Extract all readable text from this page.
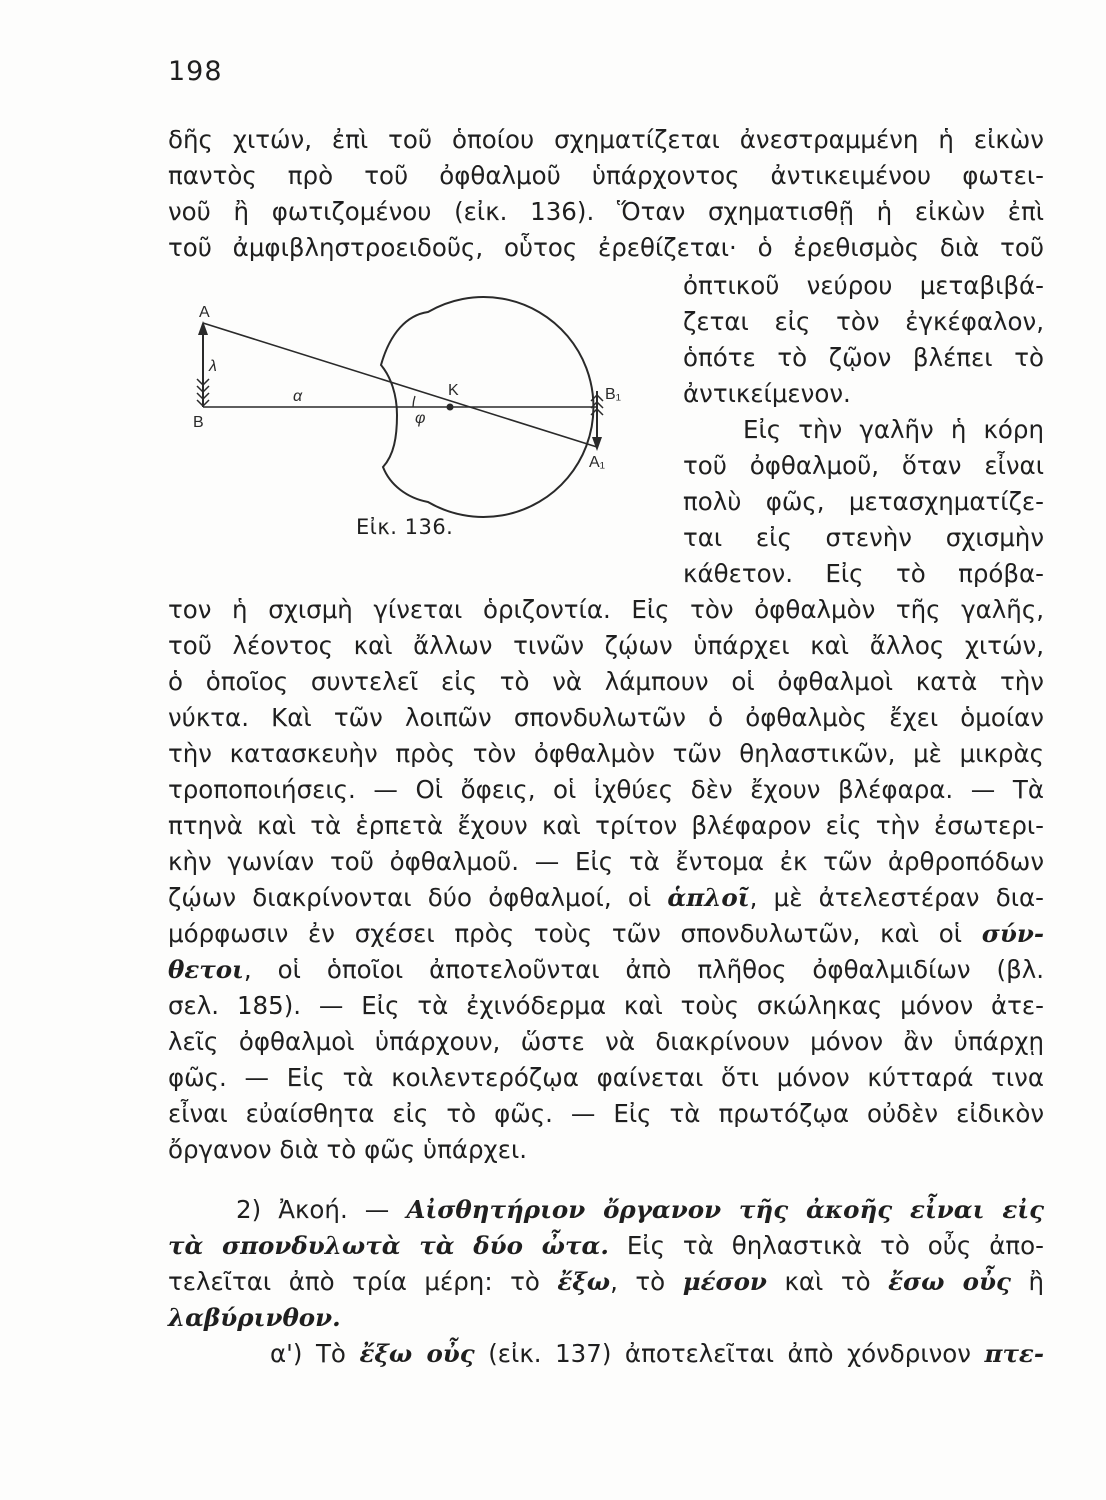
198
δῆς χιτών, ἐπὶ τοῦ ὁποίου σχηματίζεται ἀνεστραμμένη ἡ εἰκὼν
παντὸς πρὸ τοῦ ὀφθαλμοῦ ὑπάρχοντος ἀντικειμένου φωτει-
νοῦ ἢ φωτιζομένου (εἰκ. 136). Ὅταν σχηματισθῇ ἡ εἰκὼν ἐπὶ
τοῦ ἀμφιβληστροειδοῦς, οὗτος ἐρεθίζεται· ὁ ἐρεθισμὸς διὰ τοῦ
ὀπτικοῦ νεύρου μεταβιβά-
ζεται εἰς τὸν ἐγκέφαλον,
ὁπότε τὸ ζῷον βλέπει τὸ
ἀντικείμενον.
Εἰς τὴν γαλῆν ἡ κόρη
τοῦ ὀφθαλμοῦ, ὅταν εἶναι
πολὺ φῶς, μετασχηματίζε-
ται εἰς στενὴν σχισμὴν
κάθετον. Εἰς τὸ πρόβα-
A
B
λ
α	K
φ
B₁
A₁
Εἰκ. 136.
τον ἡ σχισμὴ γίνεται ὁριζοντία. Εἰς τὸν ὀφθαλμὸν τῆς γαλῆς,
τοῦ λέοντος καὶ ἄλλων τινῶν ζῴων ὑπάρχει καὶ ἄλλος χιτών,
ὁ ὁποῖος συντελεῖ εἰς τὸ νὰ λάμπουν οἱ ὀφθαλμοὶ κατὰ τὴν
νύκτα. Καὶ τῶν λοιπῶν σπονδυλωτῶν ὁ ὀφθαλμὸς ἔχει ὁμοίαν
τὴν κατασκευὴν πρὸς τὸν ὀφθαλμὸν τῶν θηλαστικῶν, μὲ μικρὰς
τροποποιήσεις. — Οἱ ὄφεις, οἱ ἰχθύες δὲν ἔχουν βλέφαρα. — Τὰ
πτηνὰ καὶ τὰ ἑρπετὰ ἔχουν καὶ τρίτον βλέφαρον εἰς τὴν ἐσωτερι-
κὴν γωνίαν τοῦ ὀφθαλμοῦ. — Εἰς τὰ ἔντομα ἐκ τῶν ἀρθροπόδων
ζῴων διακρίνονται δύο ὀφθαλμοί, οἱ ἁπλοῖ, μὲ ἀτελεστέραν δια-
μόρφωσιν ἐν σχέσει πρὸς τοὺς τῶν σπονδυλωτῶν, καὶ οἱ σύν-
θετοι, οἱ ὁποῖοι ἀποτελοῦνται ἀπὸ πλῆθος ὀφθαλμιδίων (βλ.
σελ. 185). — Εἰς τὰ ἐχινόδερμα καὶ τοὺς σκώληκας μόνον ἀτε-
λεῖς ὀφθαλμοὶ ὑπάρχουν, ὥστε νὰ διακρίνουν μόνον ἂν ὑπάρχῃ
φῶς. — Εἰς τὰ κοιλεντερόζῳα φαίνεται ὅτι μόνον κύτταρά τινα
εἶναι εὐαίσθητα εἰς τὸ φῶς. — Εἰς τὰ πρωτόζῳα οὐδὲν εἰδικὸν
ὄργανον διὰ τὸ φῶς ὑπάρχει.
2) Ἀκοή. — Αἰσθητήριον ὄργανον τῆς ἀκοῆς εἶναι εἰς
τὰ σπονδυλωτὰ τὰ δύο ὦτα. Εἰς τὰ θηλαστικὰ τὸ οὖς ἀπο-
τελεῖται ἀπὸ τρία μέρη: τὸ ἔξω, τὸ μέσον καὶ τὸ ἔσω οὖς ἢ
λαβύρινθον.
α') Τὸ ἔξω οὖς (εἰκ. 137) ἀποτελεῖται ἀπὸ χόνδρινον πτε-
